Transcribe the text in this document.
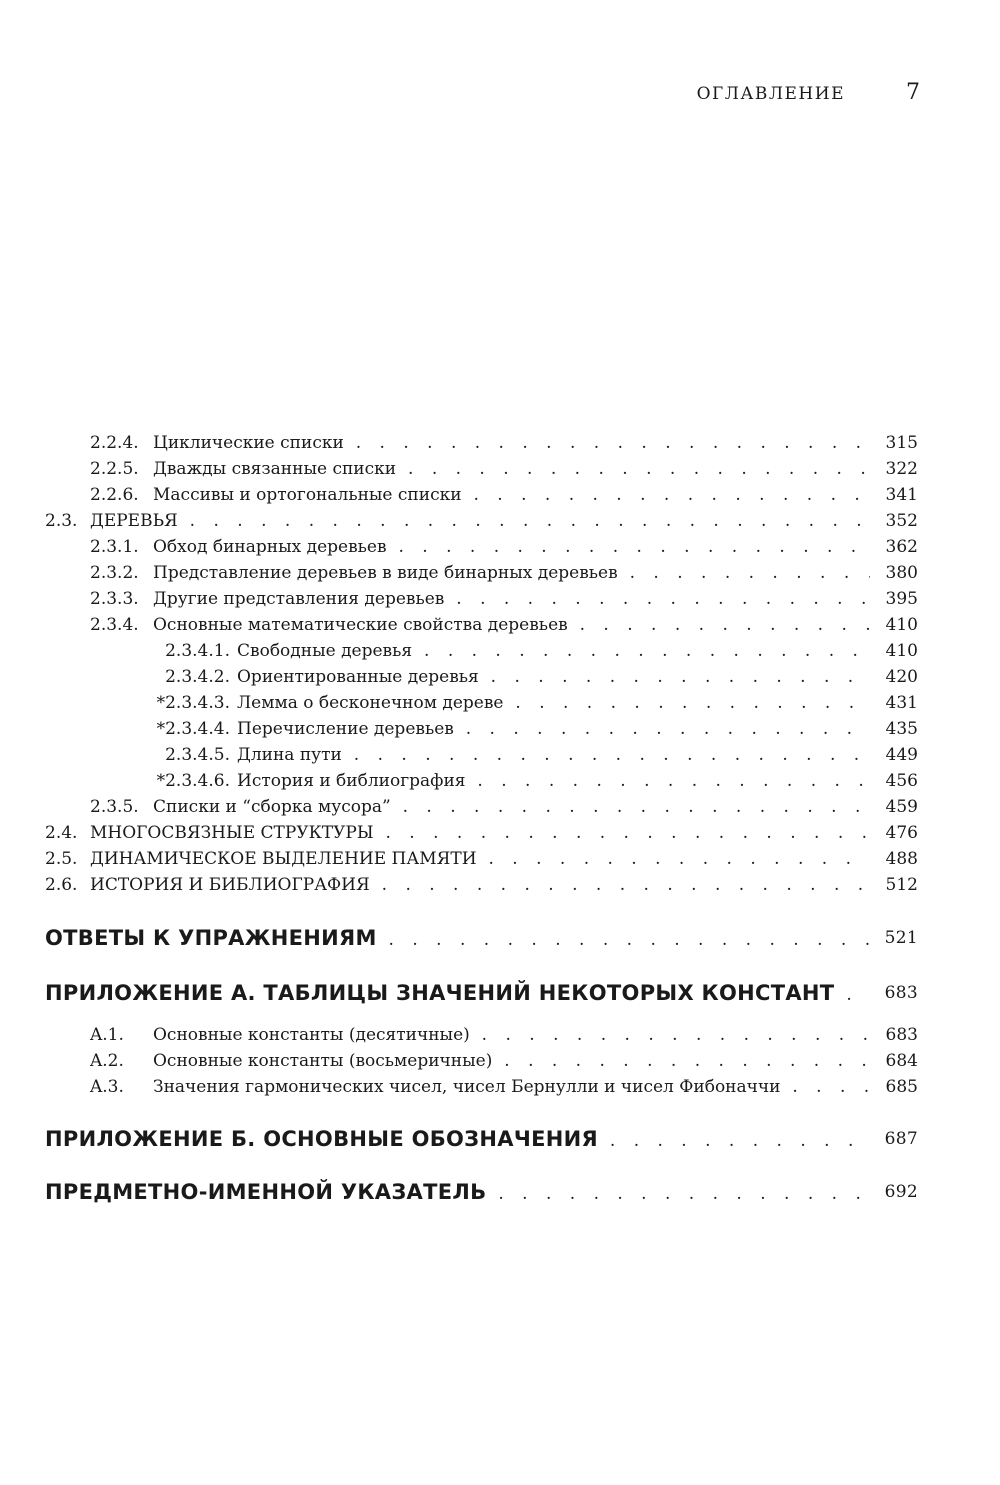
ОГЛАВЛЕНИЕ	7
2.2.4. Циклические списки . . .	315
2.2.5. Дважды связанные списки . . .	322
2.2.6. Массивы и ортогональные списки . . .	341
2.3. ДЕРЕВЬЯ . . .	352
2.3.1. Обход бинарных деревьев . . .	362
2.3.2. Представление деревьев в виде бинарных деревьев . . .	380
2.3.3. Другие представления деревьев . . .	395
2.3.4. Основные математические свойства деревьев . . .	410
2.3.4.1. Свободные деревья . . .	410
2.3.4.2. Ориентированные деревья . . .	420
*2.3.4.3. Лемма о бесконечном дереве . . .	431
*2.3.4.4. Перечисление деревьев . . .	435
2.3.4.5. Длина пути . . .	449
*2.3.4.6. История и библиография . . .	456
2.3.5. Списки и “сборка мусора” . . .	459
2.4. МНОГОСВЯЗНЫЕ СТРУКТУРЫ . . .	476
2.5. ДИНАМИЧЕСКОЕ ВЫДЕЛЕНИЕ ПАМЯТИ . . .	488
2.6. ИСТОРИЯ И БИБЛИОГРАФИЯ . . .	512
ОТВЕТЫ К УПРАЖНЕНИЯМ . . .	521
ПРИЛОЖЕНИЕ А. ТАБЛИЦЫ ЗНАЧЕНИЙ НЕКОТОРЫХ КОНСТАНТ . . .	683
A.1. Основные константы (десятичные) . . .	683
A.2. Основные константы (восьмеричные) . . .	684
A.3. Значения гармонических чисел, чисел Бернулли и чисел Фибоначчи . . .	685
ПРИЛОЖЕНИЕ Б. ОСНОВНЫЕ ОБОЗНАЧЕНИЯ . . .	687
ПРЕДМЕТНО-ИМЕННОЙ УКАЗАТЕЛЬ . . .	692
